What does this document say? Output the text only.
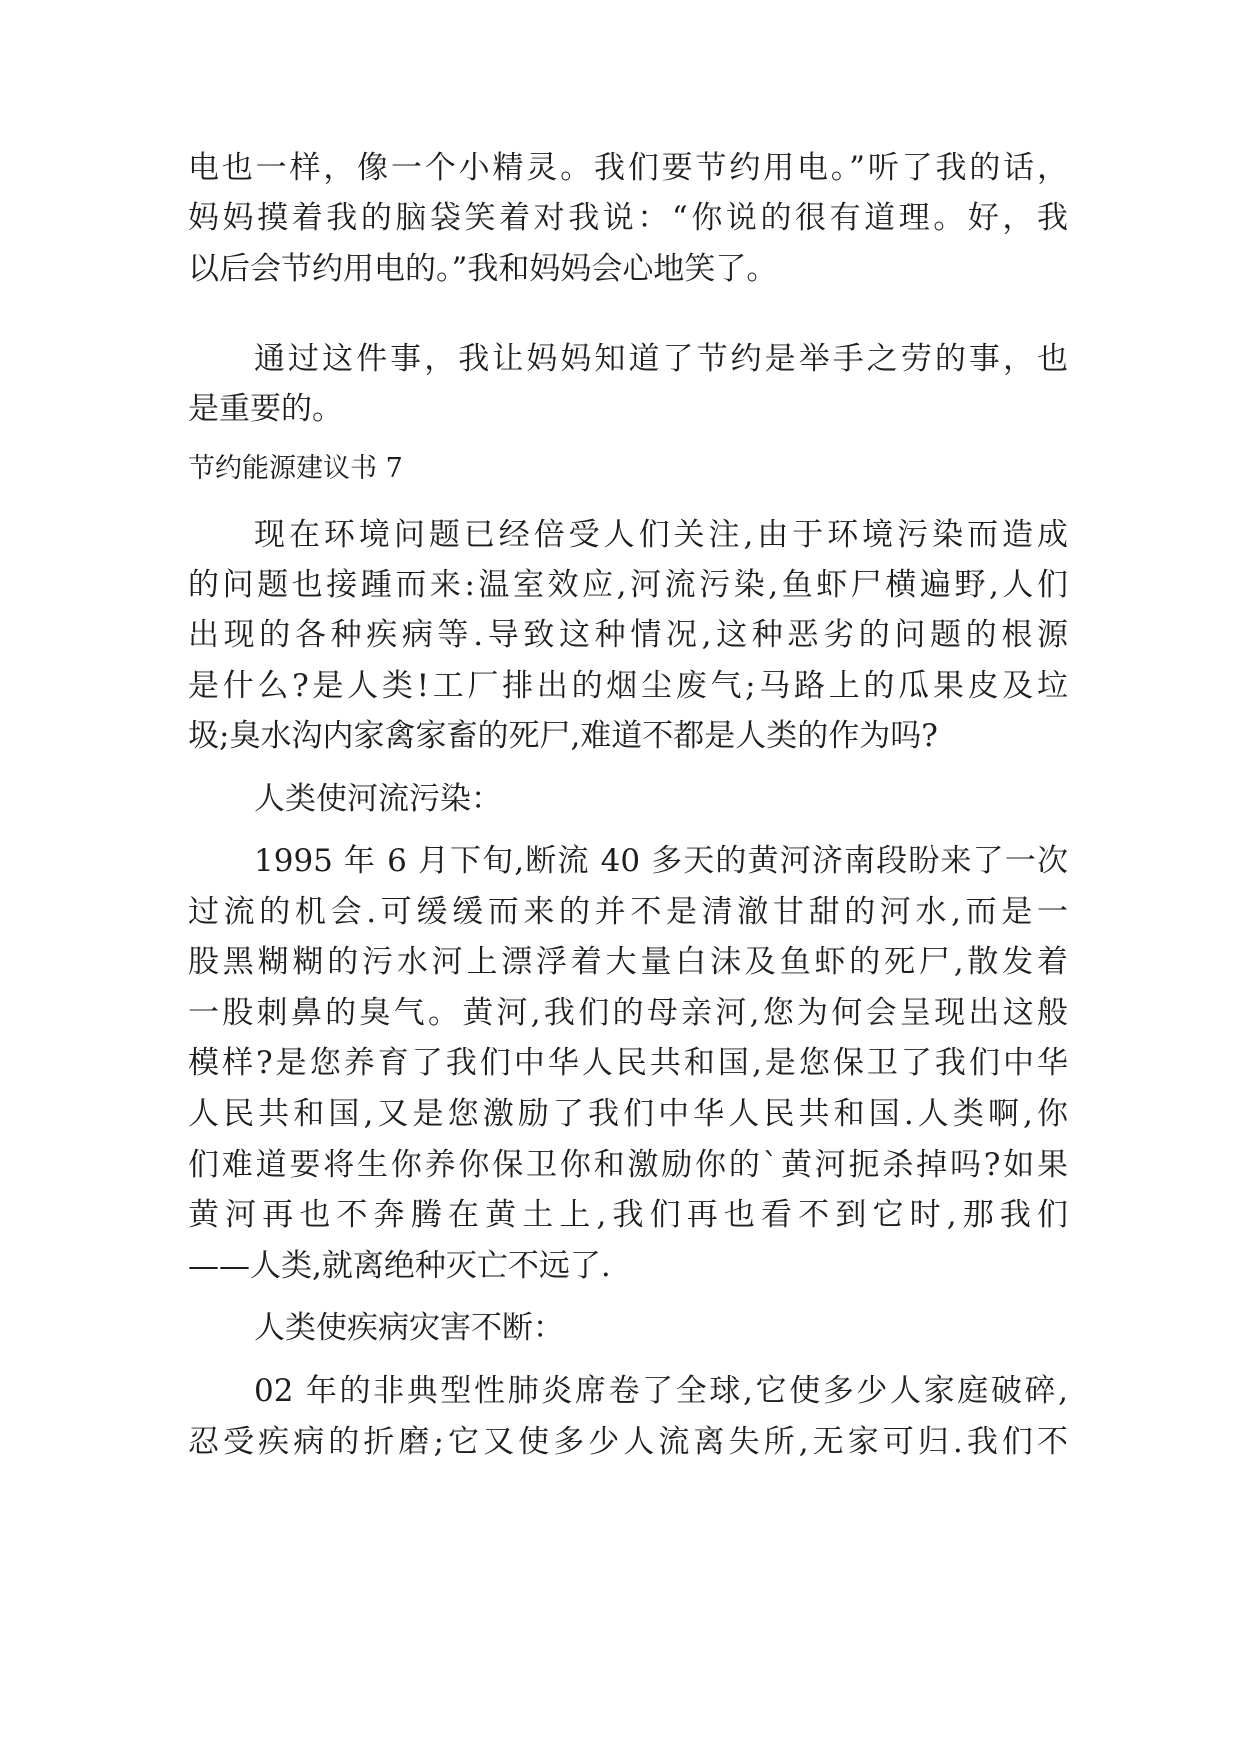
电也一样，像一个小精灵。我们要节约用电。”听了我的话，
妈妈摸着我的脑袋笑着对我说：“你说的很有道理。好，我
以后会节约用电的。”我和妈妈会心地笑了。
通过这件事，我让妈妈知道了节约是举手之劳的事，也
是重要的。
节约能源建议书 7
现在环境问题已经倍受人们关注,由于环境污染而造成
的问题也接踵而来:温室效应,河流污染,鱼虾尸横遍野,人们
出现的各种疾病等.导致这种情况,这种恶劣的问题的根源
是什么?是人类!工厂排出的烟尘废气;马路上的瓜果皮及垃
圾;臭水沟内家禽家畜的死尸,难道不都是人类的作为吗?
人类使河流污染：
1995 年 6 月下旬,断流 40 多天的黄河济南段盼来了一次
过流的机会.可缓缓而来的并不是清澈甘甜的河水,而是一
股黑糊糊的污水河上漂浮着大量白沫及鱼虾的死尸,散发着
一股刺鼻的臭气。黄河,我们的母亲河,您为何会呈现出这般
模样?是您养育了我们中华人民共和国,是您保卫了我们中华
人民共和国,又是您激励了我们中华人民共和国.人类啊,你
们难道要将生你养你保卫你和激励你的`黄河扼杀掉吗?如果
黄河再也不奔腾在黄土上,我们再也看不到它时,那我们
——人类,就离绝种灭亡不远了.
人类使疾病灾害不断：
02 年的非典型性肺炎席卷了全球,它使多少人家庭破碎,
忍受疾病的折磨;它又使多少人流离失所,无家可归.我们不
